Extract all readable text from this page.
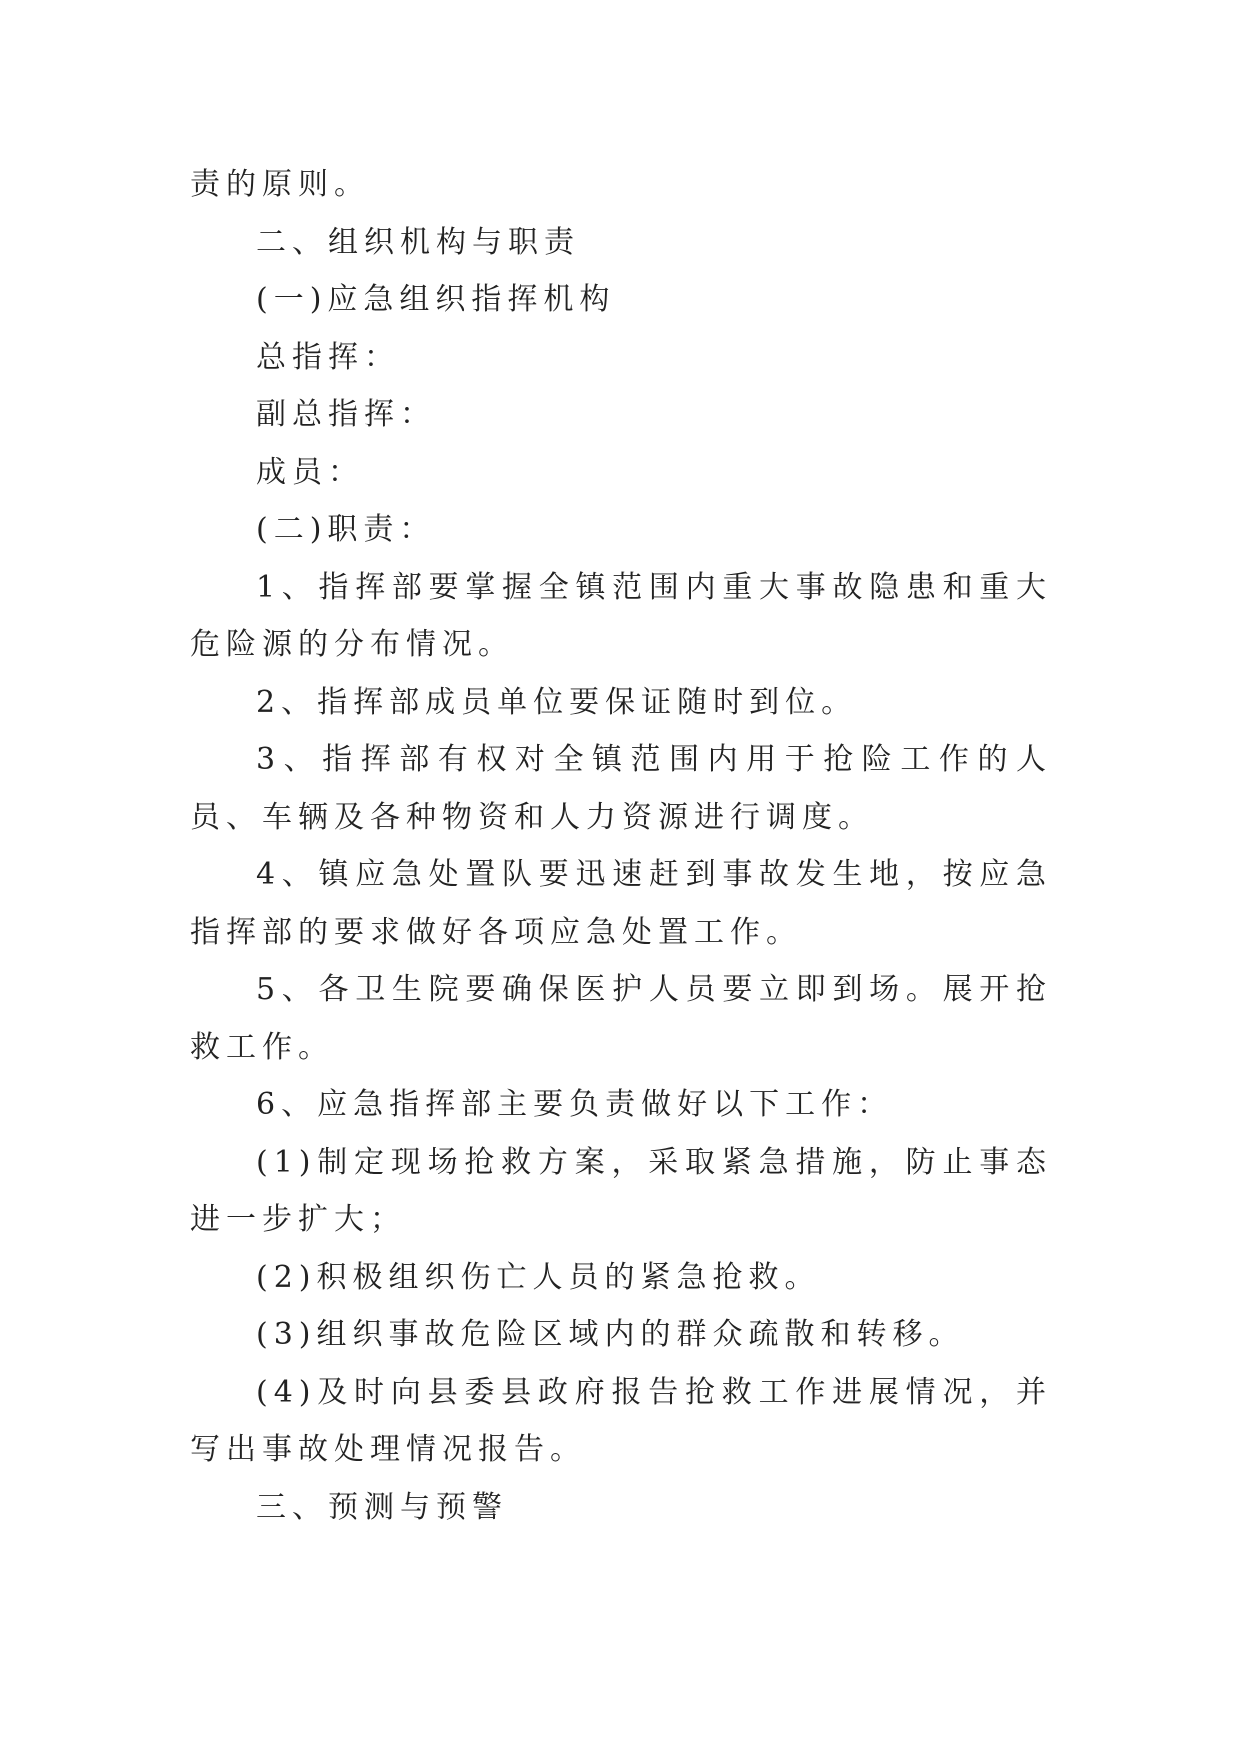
责的原则。

二、组织机构与职责

(一)应急组织指挥机构

总指挥：

副总指挥：

成员：

(二)职责：

1、指挥部要掌握全镇范围内重大事故隐患和重大危险源的分布情况。

2、指挥部成员单位要保证随时到位。

3、指挥部有权对全镇范围内用于抢险工作的人员、车辆及各种物资和人力资源进行调度。

4、镇应急处置队要迅速赶到事故发生地，按应急指挥部的要求做好各项应急处置工作。

5、各卫生院要确保医护人员要立即到场。展开抢救工作。

6、应急指挥部主要负责做好以下工作：

(1)制定现场抢救方案，采取紧急措施，防止事态进一步扩大；

(2)积极组织伤亡人员的紧急抢救。

(3)组织事故危险区域内的群众疏散和转移。

(4)及时向县委县政府报告抢救工作进展情况，并写出事故处理情况报告。

三、预测与预警
